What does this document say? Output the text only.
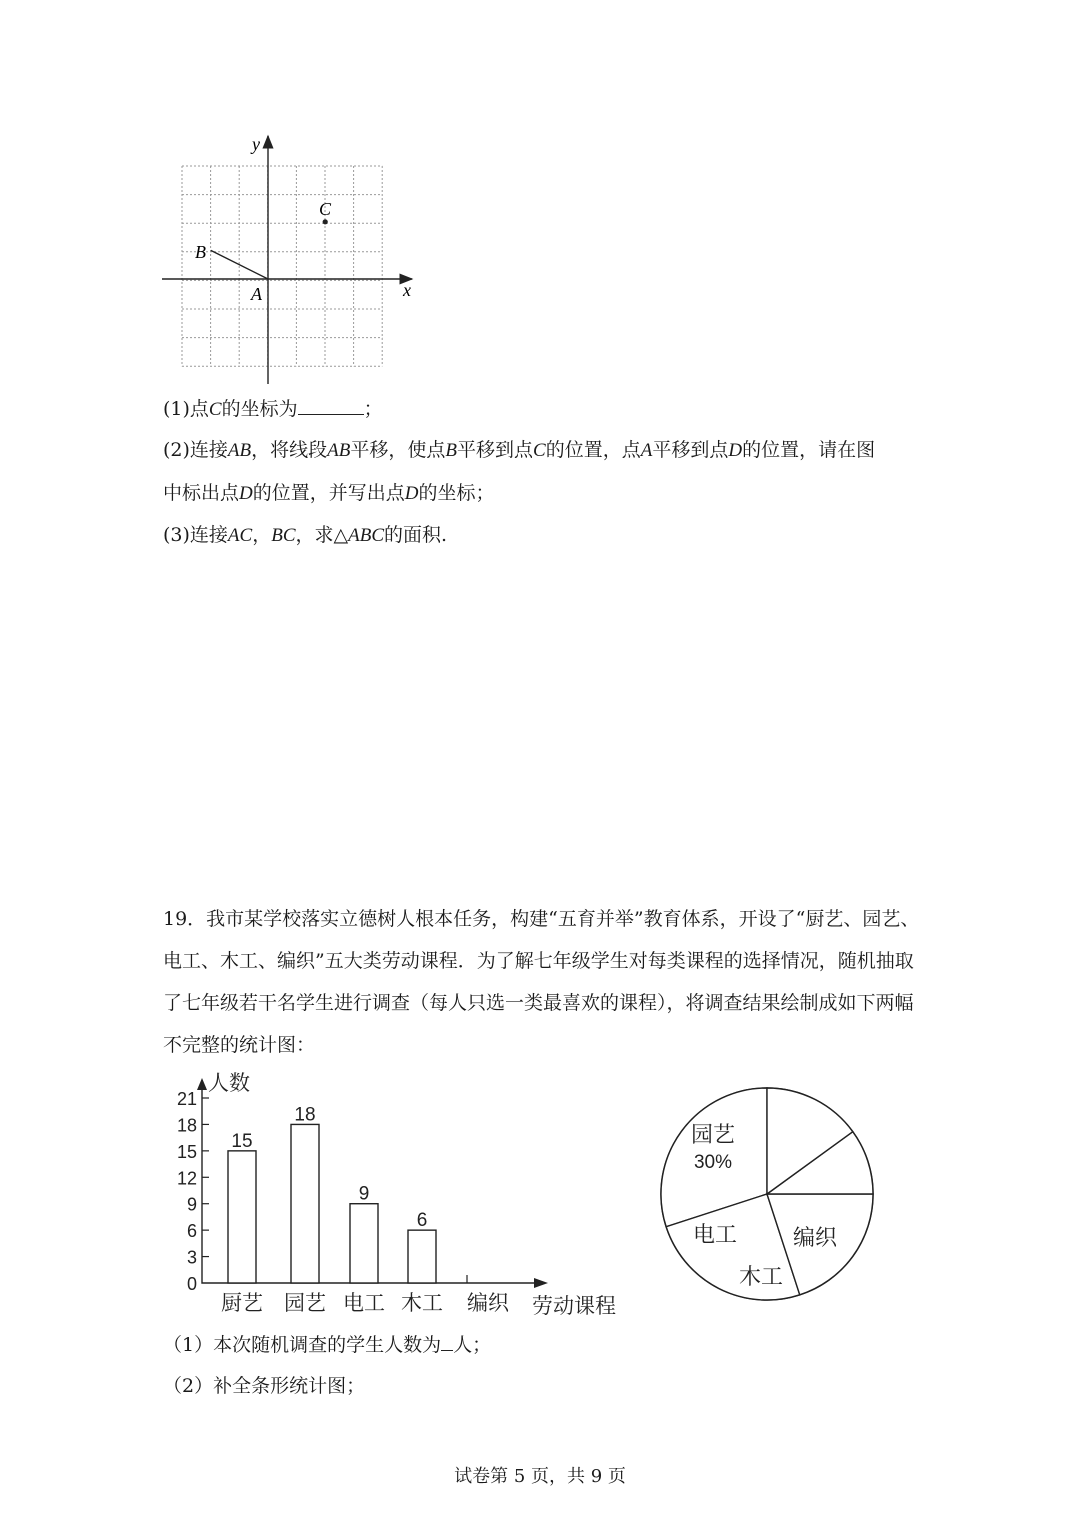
y
x
A
B
C
(1)点C的坐标为	；
(2)连接AB，将线段AB平移，使点B平移到点C的位置，点A平移到点D的位置，请在图
中标出点D的位置，并写出点D的坐标；
(3)连接AC，BC，求△ABC的面积.
19．我市某学校落实立德树人根本任务，构建“五育并举”教育体系，开设了“厨艺、园艺、
电工、木工、编织”五大类劳动课程．为了解七年级学生对每类课程的选择情况，随机抽取
了七年级若干名学生进行调查（每人只选一类最喜欢的课程），将调查结果绘制成如下两幅
不完整的统计图：
人数
0
3
6
9
12
15
18
21
15
厨艺
18
园艺
9
电工
6
木工 编织 劳动课程
园艺
30%
编织
木工
电工
（1）本次随机调查的学生人数为 人；
（2）补全条形统计图；
试卷第 5 页，共 9 页
